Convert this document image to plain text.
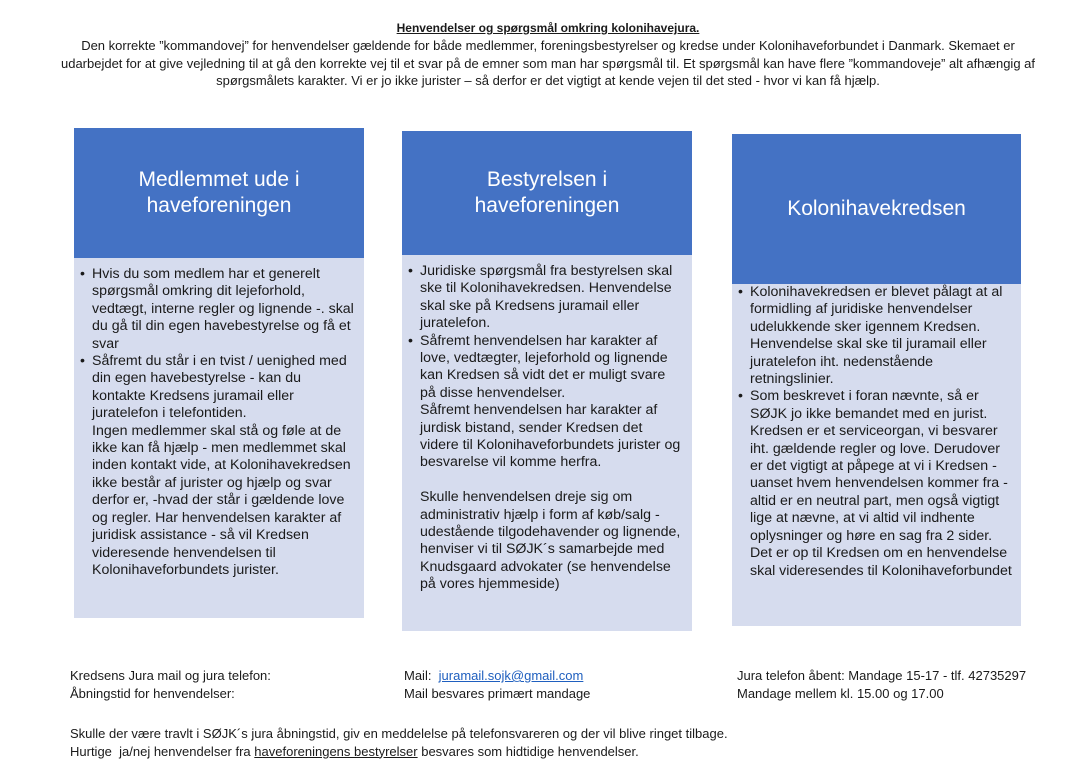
Henvendelser og spørgsmål omkring kolonihavejura.
Den korrekte ”kommandovej” for henvendelser gældende for både medlemmer, foreningsbestyrelser og kredse under Kolonihaveforbundet i Danmark. Skemaet er udarbejdet for at give vejledning til at gå den korrekte vej til et svar på de emner som man har spørgsmål til. Et spørgsmål kan have flere ”kommandoveje” alt afhængig af spørgsmålets karakter. Vi er jo ikke jurister – så derfor er det vigtigt at kende vejen til det sted - hvor vi kan få hjælp.
Medlemmet ude i haveforeningen
• Hvis du som medlem har et generelt spørgsmål omkring dit lejeforhold, vedtægt, interne regler og lignende -. skal du gå til din egen havebestyrelse og få et svar
• Såfremt du står i en tvist / uenighed med din egen havebestyrelse - kan du kontakte Kredsens juramail eller juratelefon i telefontiden.

Ingen medlemmer skal stå og føle at de ikke kan få hjælp - men medlemmet skal inden kontakt vide, at Kolonihavekredsen ikke består af jurister og hjælp og svar derfor er, -hvad der står i gældende love og regler. Har henvendelsen karakter af juridisk assistance - så vil Kredsen videresende henvendelsen til Kolonihaveforbundets jurister.

Bestyrelsen i haveforeningen
• Juridiske spørgsmål fra bestyrelsen skal ske til Kolonihavekredsen. Henvendelse skal ske på Kredsens juramail eller juratelefon.
• Såfremt henvendelsen har karakter af love, vedtægter, lejeforhold og lignende kan Kredsen så vidt det er muligt svare på disse henvendelser.

Såfremt henvendelsen har karakter af jurdisk bistand, sender Kredsen det videre til Kolonihaveforbundets jurister og besvarelse vil komme herfra.

Skulle henvendelsen dreje sig om administrativ hjælp i form af køb/salg - udestående tilgodehavender og lignende, henviser vi til SØJK´s samarbejde med Knudsgaard advokater (se henvendelse på vores hjemmeside)

Kolonihavekredsen
• Kolonihavekredsen er blevet pålagt at al formidling af juridiske henvendelser udelukkende sker igennem Kredsen. Henvendelse skal ske til juramail eller juratelefon iht. nedenstående retningslinier.
• Som beskrevet i foran nævnte, så er SØJK jo ikke bemandet med en jurist. Kredsen er et serviceorgan, vi besvarer iht. gældende regler og love. Derudover er det vigtigt at påpege at vi i Kredsen - uanset hvem henvendelsen kommer fra - altid er en neutral part, men også vigtigt lige at nævne, at vi altid vil indhente oplysninger og høre en sag fra 2 sider. Det er op til Kredsen om en henvendelse skal videresendes til Kolonihaveforbundet
Kredsens Jura mail og jura telefon:
Åbningstid for henvendelser:
Mail:  juramail.sojk@gmail.com
Mail besvares primært mandage
Jura telefon åbent: Mandage 15-17 - tlf. 42735297
Mandage mellem kl. 15.00 og 17.00
Skulle der være travlt i SØJK´s jura åbningstid, giv en meddelelse på telefonsvareren og der vil blive ringet tilbage.
Hurtige  ja/nej henvendelser fra haveforeningens bestyrelser besvares som hidtidige henvendelser.
